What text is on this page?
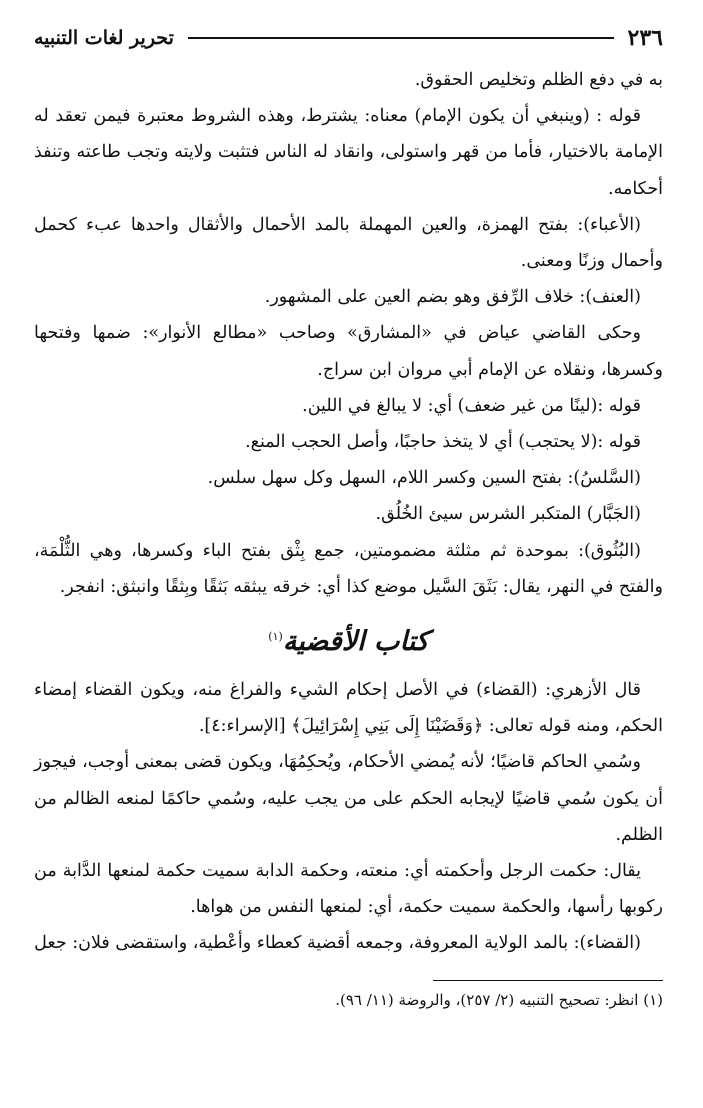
٢٣٦
تحرير لغات التنبيه

به في دفع الظلم وتخليص الحقوق.

قوله : (وينبغي أن يكون الإمام) معناه: يشترط، وهذه الشروط معتبرة فيمن تعقد له الإمامة بالاختيار، فأما من قهر واستولى، وانقاد له الناس فتثبت ولايته وتجب طاعته وتنفذ أحكامه.

(الأعباء): بفتح الهمزة، والعين المهملة بالمد الأحمال والأثقال واحدها عبء كحمل وأحمال وزنًا ومعنى.

(العنف): خلاف الرِّفق وهو بضم العين على المشهور.

وحكى القاضي عياض في «المشارق» وصاحب «مطالع الأنوار»: ضمها وفتحها وكسرها، ونقلاه عن الإمام أبي مروان ابن سراج.

قوله :(لينًا من غير ضعف) أي: لا يبالغ في اللين.

قوله :(لا يحتجب) أي لا يتخذ حاجبًا، وأصل الحجب المنع.

(السَّلسُ): بفتح السين وكسر اللام، السهل وكل سهل سلس.

(الجَبَّار) المتكبر الشرس سيئ الخُلُق.

(البُثُوق): بموحدة ثم مثلثة مضمومتين، جمع بِثْق بفتح الباء وكسرها، وهي الثُّلْمَة، والفتح في النهر، يقال: بَثَقَ السَّيل موضع كذا أي: خرقه يبثقه بَثقًا وبِثقًا وانبثق: انفجر.

كتاب الأقضية$^{(١)}$

قال الأزهري: (القضاء) في الأصل إحكام الشيء والفراغ منه، ويكون القضاء إمضاء الحكم، ومنه قوله تعالى: ﴿وَقَضَيْنَا إِلَى بَنِي إِسْرَائِيلَ﴾ [الإسراء:٤].

وسُمي الحاكم قاضيًا؛ لأنه يُمضي الأحكام، ويُحكِمُهَا، ويكون قضى بمعنى أوجب، فيجوز أن يكون سُمي قاضيًا لإيجابه الحكم على من يجب عليه، وسُمي حاكمًا لمنعه الظالم من الظلم.

يقال: حكمت الرجل وأحكمته أي: منعته، وحكمة الدابة سميت حكمة لمنعها الدَّابة من ركوبها رأسها، والحكمة سميت حكمة، أي: لمنعها النفس من هواها.

(القضاء): بالمد الولاية المعروفة، وجمعه أقضية كعطاء وأعْطية، واستقضى فلان: جعل

(١) انظر: تصحيح التنبيه (٢/ ٢٥٧)، والروضة (١١/ ٩٦).
